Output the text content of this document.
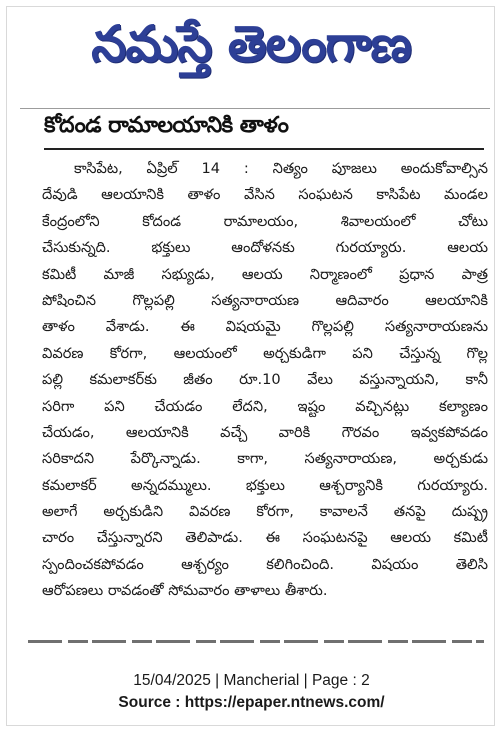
నమస్తే తెలంగాణ
కోదండ రామాలయానికి తాళం
కాసిపేట, ఏప్రిల్ 14 : నిత్యం పూజలు అందుకోవాల్సిన
దేవుడి ఆలయానికి తాళం వేసిన సంఘటన కాసిపేట మండల
కేంద్రంలోని కోదండ రామాలయం, శివాలయంలో చోటు
చేసుకున్నది. భక్తులు ఆందోళనకు గురయ్యారు. ఆలయ
కమిటీ మాజీ సభ్యుడు, ఆలయ నిర్మాణంలో ప్రధాన పాత్ర
పోషించిన గొల్లపల్లి సత్యనారాయణ ఆదివారం ఆలయానికి
తాళం వేశాడు. ఈ విషయమై గొల్లపల్లి సత్యనారాయణను
వివరణ కోరగా, ఆలయంలో అర్చకుడిగా పని చేస్తున్న గొల్ల
పల్లి కమలాకర్‌కు జీతం రూ.10 వేలు వస్తున్నాయని, కానీ
సరిగా పని చేయడం లేదని, ఇష్టం వచ్చినట్లు కల్యాణం
చేయడం, ఆలయానికి వచ్చే వారికి గౌరవం ఇవ్వకపోవడం
సరికాదని పేర్కొన్నాడు. కాగా, సత్యనారాయణ, అర్చకుడు
కమలాకర్ అన్నదమ్ములు. భక్తులు ఆశ్చర్యానికి గురయ్యారు.
అలాగే అర్చకుడిని వివరణ కోరగా, కావాలనే తనపై దుష్ప్ర
చారం చేస్తున్నారని తెలిపాడు. ఈ సంఘటనపై ఆలయ కమిటీ
స్పందించకపోవడం ఆశ్చర్యం కలిగించింది. విషయం తెలిసి
ఆరోపణలు రావడంతో సోమవారం తాళాలు తీశారు.
15/04/2025 | Mancherial | Page : 2
Source : https://epaper.ntnews.com/
